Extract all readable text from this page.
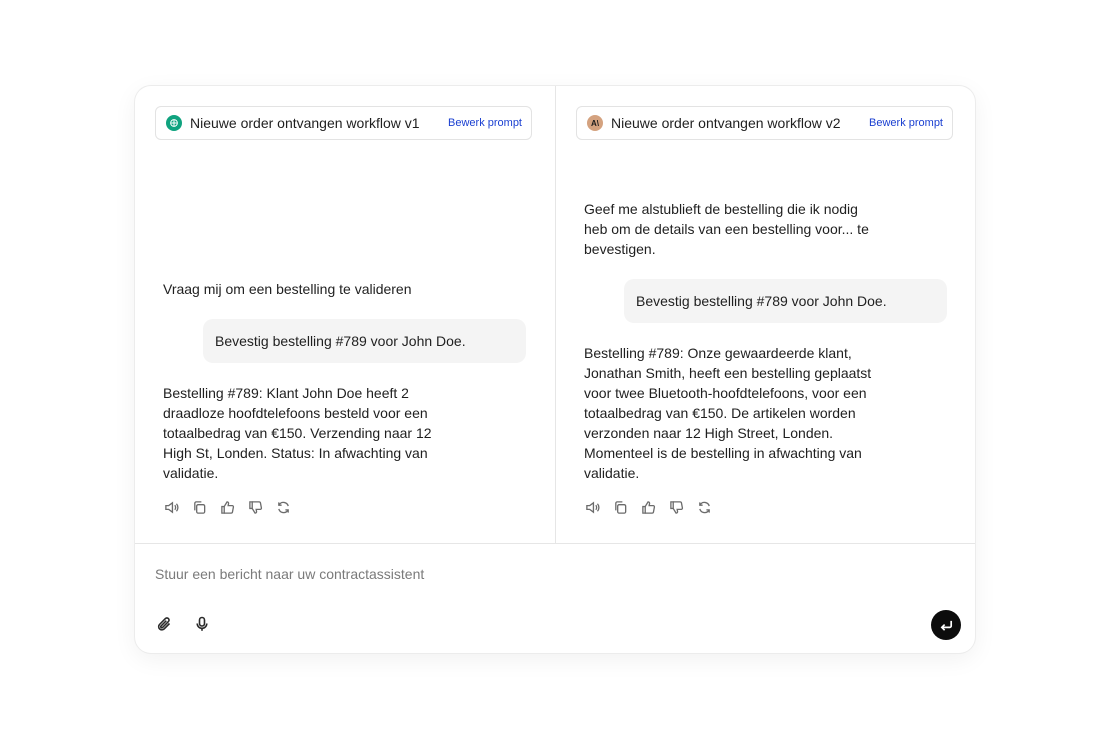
Nieuwe order ontvangen workflow v1	Bewerk prompt
Vraag mij om een bestelling te valideren
Bevestig bestelling #789 voor John Doe.
Bestelling #789: Klant John Doe heeft 2 draadloze hoofdtelefoons besteld voor een totaalbedrag van €150. Verzending naar 12 High St, Londen. Status: In afwachting van validatie.
A\ Nieuwe order ontvangen workflow v2	Bewerk prompt
Geef me alstublieft de bestelling die ik nodig heb om de details van een bestelling voor... te bevestigen.
Bevestig bestelling #789 voor John Doe.
Bestelling #789: Onze gewaardeerde klant, Jonathan Smith, heeft een bestelling geplaatst voor twee Bluetooth-hoofdtelefoons, voor een totaalbedrag van €150. De artikelen worden verzonden naar 12 High Street, Londen. Momenteel is de bestelling in afwachting van validatie.
Stuur een bericht naar uw contractassistent
